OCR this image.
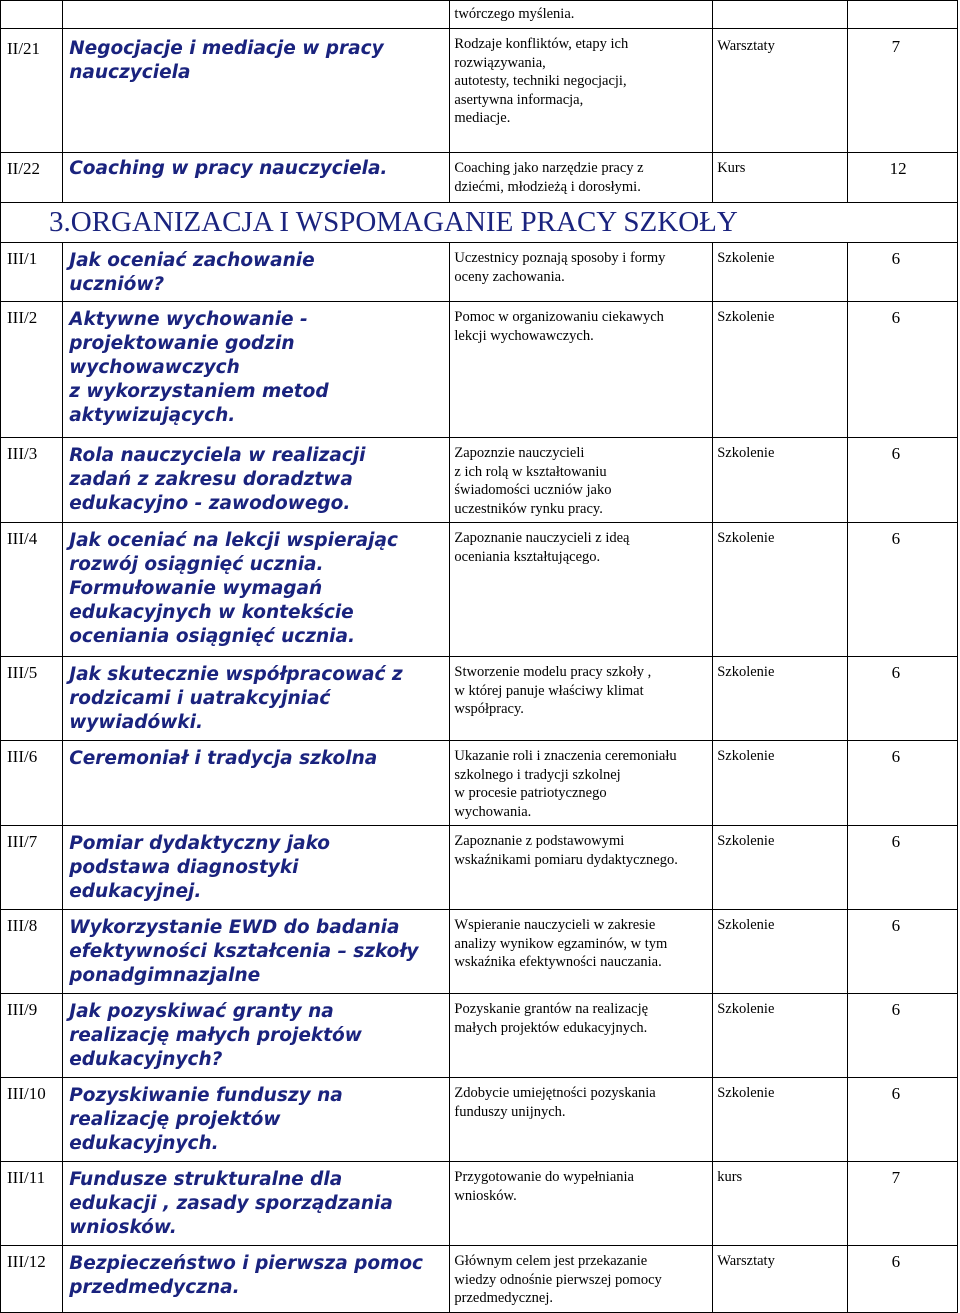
		twórczego myślenia.		

II/21	Negocjacje i mediacje w pracy nauczyciela	Rodzaje konfliktów, etapy ich
rozwiązywania,
autotesty, techniki negocjacji,
asertywna informacja,
mediacje.	Warsztaty	7

II/22	Coaching w pracy nauczyciela.	Coaching jako narzędzie pracy z
dziećmi, młodzieżą i dorosłymi.	Kurs	12

3.ORGANIZACJA I WSPOMAGANIE PRACY SZKOŁY				

III/1	Jak oceniać zachowanie
uczniów?	Uczestnicy poznają sposoby i formy
oceny zachowania.	Szkolenie	6

III/2	Aktywne wychowanie -
projektowanie godzin
wychowawczych
z wykorzystaniem metod
aktywizujących.	Pomoc w organizowaniu ciekawych
lekcji wychowawczych.	Szkolenie	6

III/3	Rola nauczyciela w realizacji
zadań z zakresu doradztwa
edukacyjno - zawodowego.	Zapoznzie nauczycieli
z ich rolą w kształtowaniu
świadomości uczniów jako
uczestników rynku pracy.	Szkolenie	6

III/4	Jak oceniać na lekcji wspierając
rozwój osiągnięć ucznia.
Formułowanie wymagań
edukacyjnych w kontekście
oceniania osiągnięć ucznia.	Zapoznanie nauczycieli z ideą
oceniania kształtującego.	Szkolenie	6

III/5	Jak skutecznie współpracować z
rodzicami i uatrakcyjniać
wywiadówki.	Stworzenie modelu pracy szkoły ,
w której panuje właściwy klimat
współpracy.	Szkolenie	6

III/6	Ceremoniał i tradycja szkolna	Ukazanie roli i znaczenia ceremoniału
szkolnego i tradycji szkolnej
w procesie patriotycznego
wychowania.	Szkolenie	6

III/7	Pomiar dydaktyczny jako
podstawa diagnostyki
edukacyjnej.	Zapoznanie z podstawowymi
wskaźnikami pomiaru dydaktycznego.	Szkolenie	6

III/8	Wykorzystanie EWD do badania
efektywności kształcenia – szkoły
ponadgimnazjalne	Wspieranie nauczycieli w zakresie
analizy wynikow egzaminów, w tym
wskaźnika efektywności nauczania.	Szkolenie	6

III/9	Jak pozyskiwać granty na
realizację małych projektów
edukacyjnych?	Pozyskanie grantów na realizację
małych projektów edukacyjnych.	Szkolenie	6

III/10	Pozyskiwanie funduszy na
realizację projektów
edukacyjnych.	Zdobycie umiejętności pozyskania
funduszy unijnych.	Szkolenie	6

III/11	Fundusze strukturalne dla
edukacji , zasady sporządzania
wniosków.	Przygotowanie do wypełniania
wniosków.	kurs	7

III/12	Bezpieczeństwo i pierwsza pomoc
przedmedyczna.	Głównym celem jest przekazanie
wiedzy odnośnie pierwszej pomocy
przedmedycznej.	Warsztaty	6
